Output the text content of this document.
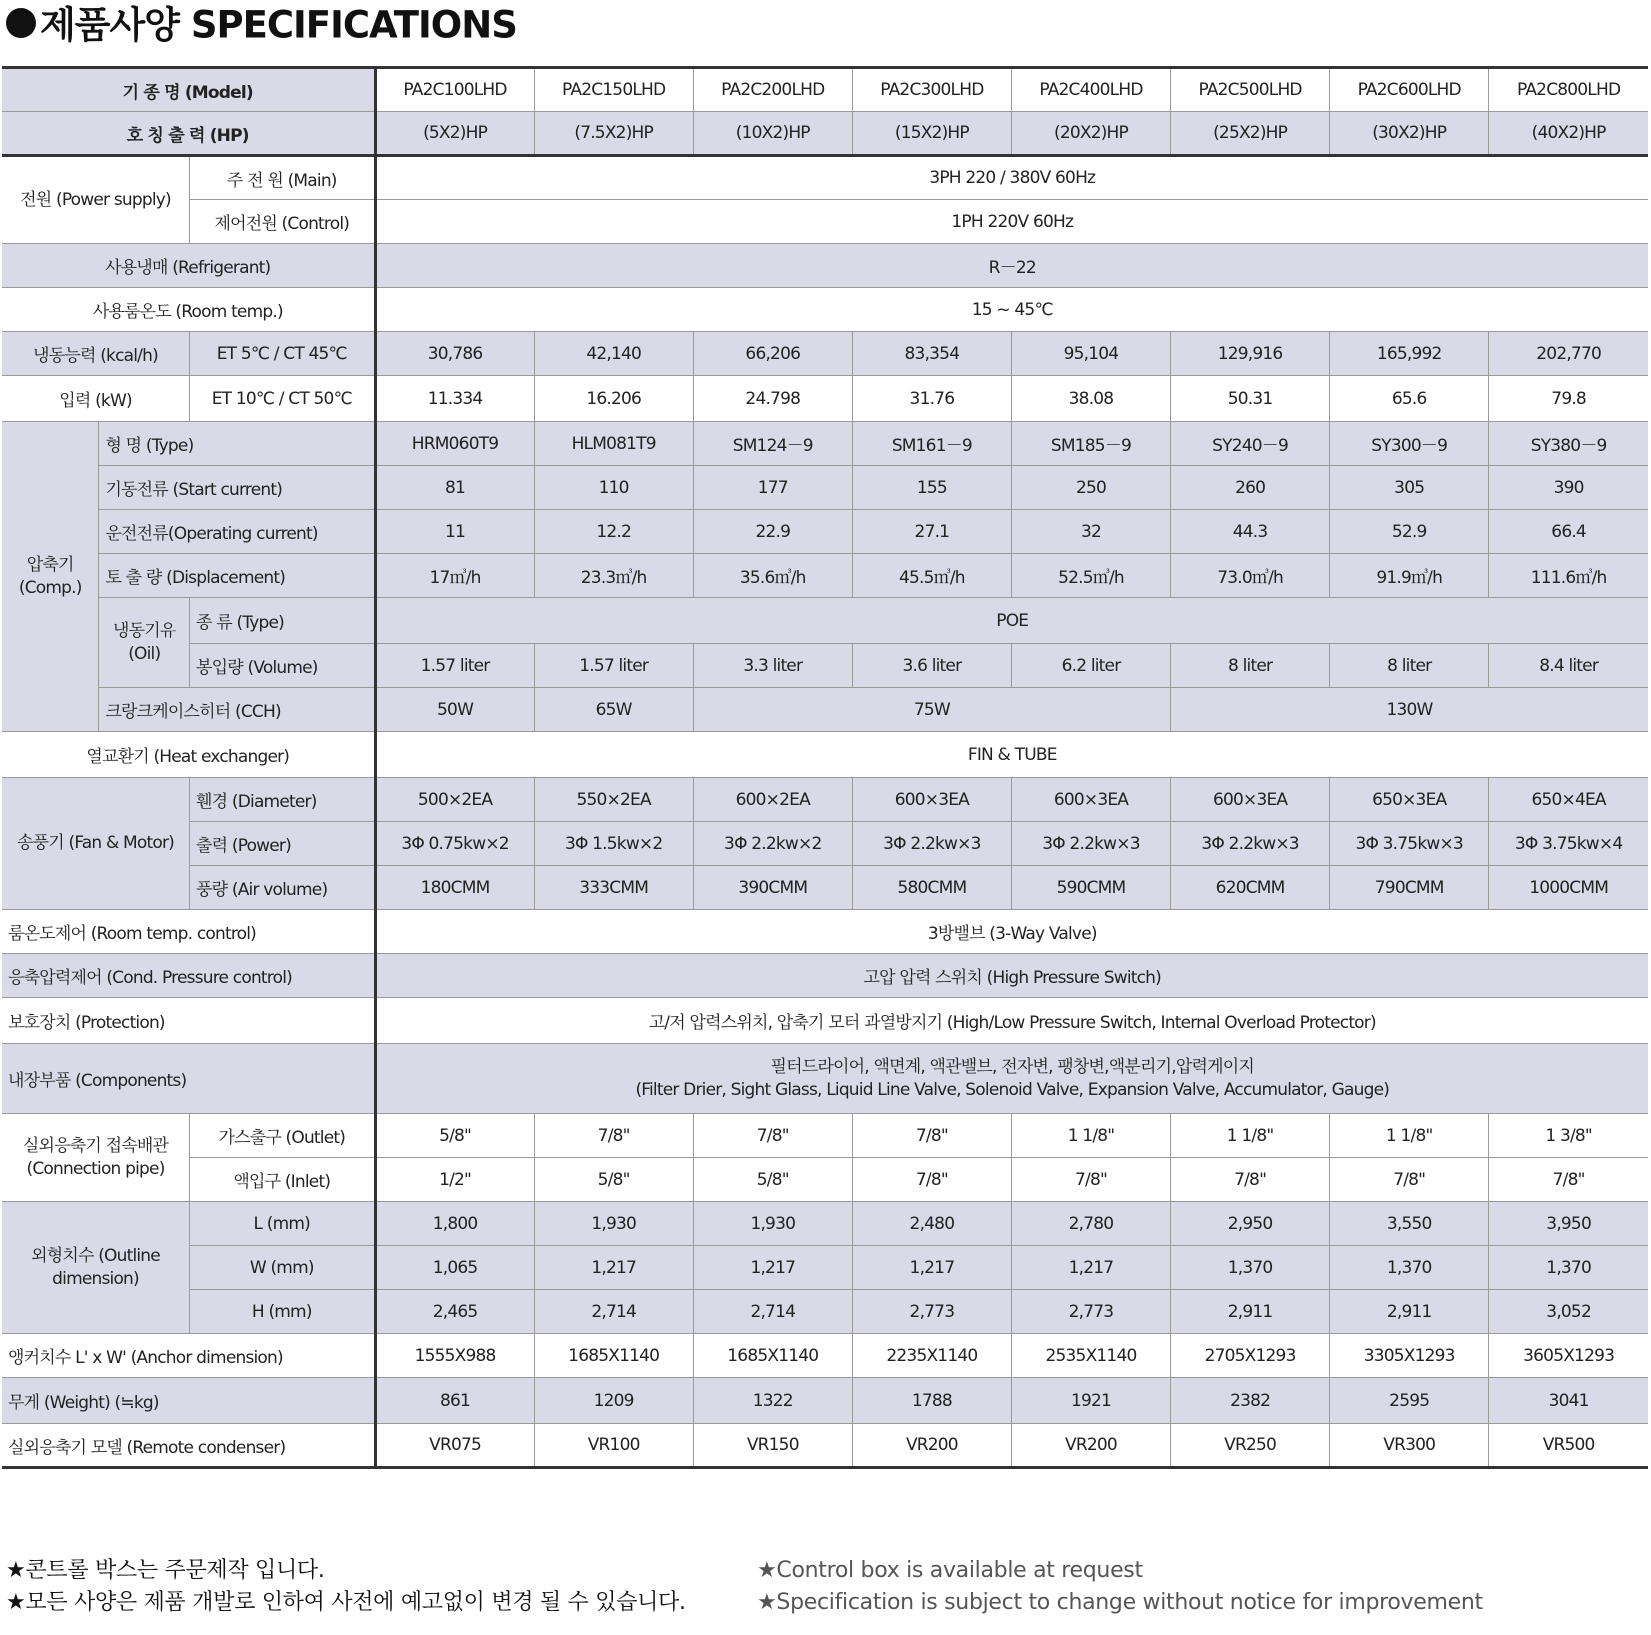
제품사양 SPECIFICATIONS
기 종 명 (Model)			PA2C100LHD	PA2C150LHD	PA2C200LHD	PA2C300LHD	PA2C400LHD	PA2C500LHD	PA2C600LHD	PA2C800LHD
호 칭 출 력 (HP)			(5X2)HP	(7.5X2)HP	(10X2)HP	(15X2)HP	(20X2)HP	(25X2)HP	(30X2)HP	(40X2)HP
전원 (Power supply)		주 전 원 (Main)	3PH 220 / 380V 60Hz							
		제어전원 (Control)	1PH 220V 60Hz							
사용냉매 (Refrigerant)			R－22							
사용룸온도 (Room temp.)			15 ~ 45℃							
냉동능력 (kcal/h)		ET 5℃ / CT 45℃	30,786	42,140	66,206	83,354	95,104	129,916	165,992	202,770
입력 (kW)		ET 10℃ / CT 50℃	11.334	16.206	24.798	31.76	38.08	50.31	65.6	79.8
압축기 (Comp.)	형 명 (Type)		HRM060T9	HLM081T9	SM124－9	SM161－9	SM185－9	SY240－9	SY300－9	SY380－9
	기동전류 (Start current)		81	110	177	155	250	260	305	390
	운전전류(Operating current)		11	12.2	22.9	27.1	32	44.3	52.9	66.4
	토 출 량 (Displacement)		17㎥/h	23.3㎥/h	35.6㎥/h	45.5㎥/h	52.5㎥/h	73.0㎥/h	91.9㎥/h	111.6㎥/h
	냉동기유 (Oil)	종 류 (Type)	POE							
		봉입량 (Volume)	1.57 liter	1.57 liter	3.3 liter	3.6 liter	6.2 liter	8 liter	8 liter	8.4 liter
	크랑크케이스히터 (CCH)		50W	65W	75W			130W		
열교환기 (Heat exchanger)			FIN & TUBE							
송풍기 (Fan & Motor)		휀경 (Diameter)	500×2EA	550×2EA	600×2EA	600×3EA	600×3EA	600×3EA	650×3EA	650×4EA
		출력 (Power)	3Φ 0.75kw×2	3Φ 1.5kw×2	3Φ 2.2kw×2	3Φ 2.2kw×3	3Φ 2.2kw×3	3Φ 2.2kw×3	3Φ 3.75kw×3	3Φ 3.75kw×4
		풍량 (Air volume)	180CMM	333CMM	390CMM	580CMM	590CMM	620CMM	790CMM	1000CMM
룸온도제어 (Room temp. control)			3방밸브 (3-Way Valve)							
응축압력제어 (Cond. Pressure control)			고압 압력 스위치 (High Pressure Switch)							
보호장치 (Protection)			고/저 압력스위치, 압축기 모터 과열방지기 (High/Low Pressure Switch, Internal Overload Protector)							
내장부품 (Components)			필터드라이어, 액면계, 액관밸브, 전자변, 팽창변,액분리기,압력게이지
(Filter Drier, Sight Glass, Liquid Line Valve, Solenoid Valve, Expansion Valve, Accumulator, Gauge)							

실외응축기 접속배관 (Connection pipe)		가스출구 (Outlet)	5/8"	7/8"	7/8"	7/8"	1 1/8"	1 1/8"	1 1/8"	1 3/8"
		액입구 (Inlet)	1/2"	5/8"	5/8"	7/8"	7/8"	7/8"	7/8"	7/8"
외형치수 (Outline dimension)		L (mm)	1,800	1,930	1,930	2,480	2,780	2,950	3,550	3,950
		W (mm)	1,065	1,217	1,217	1,217	1,217	1,370	1,370	1,370
		H (mm)	2,465	2,714	2,714	2,773	2,773	2,911	2,911	3,052
앵커치수 L' x W' (Anchor dimension)			1555X988	1685X1140	1685X1140	2235X1140	2535X1140	2705X1293	3305X1293	3605X1293
무게 (Weight) (≒kg)			861	1209	1322	1788	1921	2382	2595	3041
실외응축기 모델 (Remote condenser)			VR075	VR100	VR150	VR200	VR200	VR250	VR300	VR500
★콘트롤 박스는 주문제작 입니다.
★모든 사양은 제품 개발로 인하여 사전에 예고없이 변경 될 수 있습니다.
★Control box is available at request
★Specification is subject to change without notice for improvement
